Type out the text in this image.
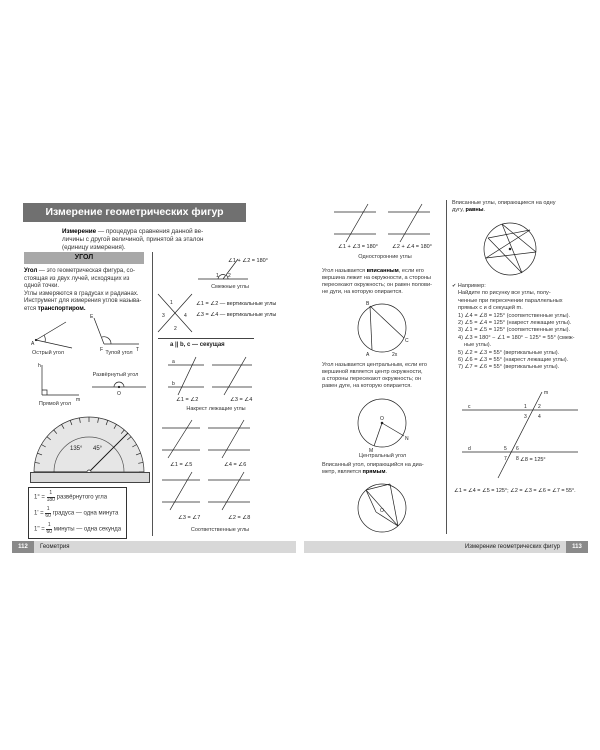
Измерение геометрических фигур
Измерение — процедура сравнения данной ве-
личины с другой величиной, принятой за эталон
(единицу измерения).
УГОЛ
Угол — это геометрическая фигура, со-
стоящая из двух лучей, исходящих из
одной точки.
Углы измеряются в градусах и радианах.
Инструмент для измерения углов называ-
ется транспортиром.
A
E
F	T
Острый угол	Тупой угол
h
m
O
Развёрнутый угол
Прямой угол
135° 45°
$1^\circ = \frac{1}{180}$ развёрнутого угла
$1' = \frac{1}{60}$ градуса — одна минута
$1'' = \frac{1}{60}$ минуты — одна секунда
1 2
∠1 + ∠2 = 180°
Смежные углы
1
2
3	4
∠1 = ∠2 — вертикальные углы
∠3 = ∠4 — вертикальные углы
a || b, c — секущая
a
b
∠1 = ∠2	∠3 = ∠4
Накрест лежащие углы
∠1 = ∠5	∠4 = ∠6
∠3 = ∠7	∠2 = ∠8
Соответственные углы
Геометрия
112
∠1 + ∠3 = 180°	∠2 + ∠4 = 180°
Односторонние углы
Угол называется вписанным, если его
вершина лежит на окружности, а стороны
пересекают окружность; он равен полови-
не дуги, на которую опирается.
B
A
C
2x
Угол называется центральным, если его
вершиной является центр окружности,
а стороны пересекают окружность; он
равен дуге, на которую опирается.
O
M
N
Центральный угол
Вписанный угол, опирающийся на диа-
метр, является прямым.
O
Вписанные углы, опирающиеся на одну
дугу, равны.
✔ Например:
Найдите по рисунку все углы, полу-
ченные при пересечении параллельных
прямых c и d секущей m.
1) ∠4 = ∠8 = 125° (соответственные углы).
2) ∠5 = ∠4 = 125° (накрест лежащие углы).
3) ∠1 = ∠5 = 125° (соответственные углы).
4) ∠3 = 180° − ∠1 = 180° − 125° = 55° (смеж-
ные углы).
5) ∠2 = ∠3 = 55° (вертикальные углы).
6) ∠6 = ∠3 = 55° (накрест лежащие углы).
7) ∠7 = ∠6 = 55° (вертикальные углы).
c
d
m
1 2
3 4
5 6
7 8 ∠8 = 125°
∠1 = ∠4 = ∠5 = 125°; ∠2 = ∠3 = ∠6 = ∠7 = 55°.
Измерение геометрических фигур	113
